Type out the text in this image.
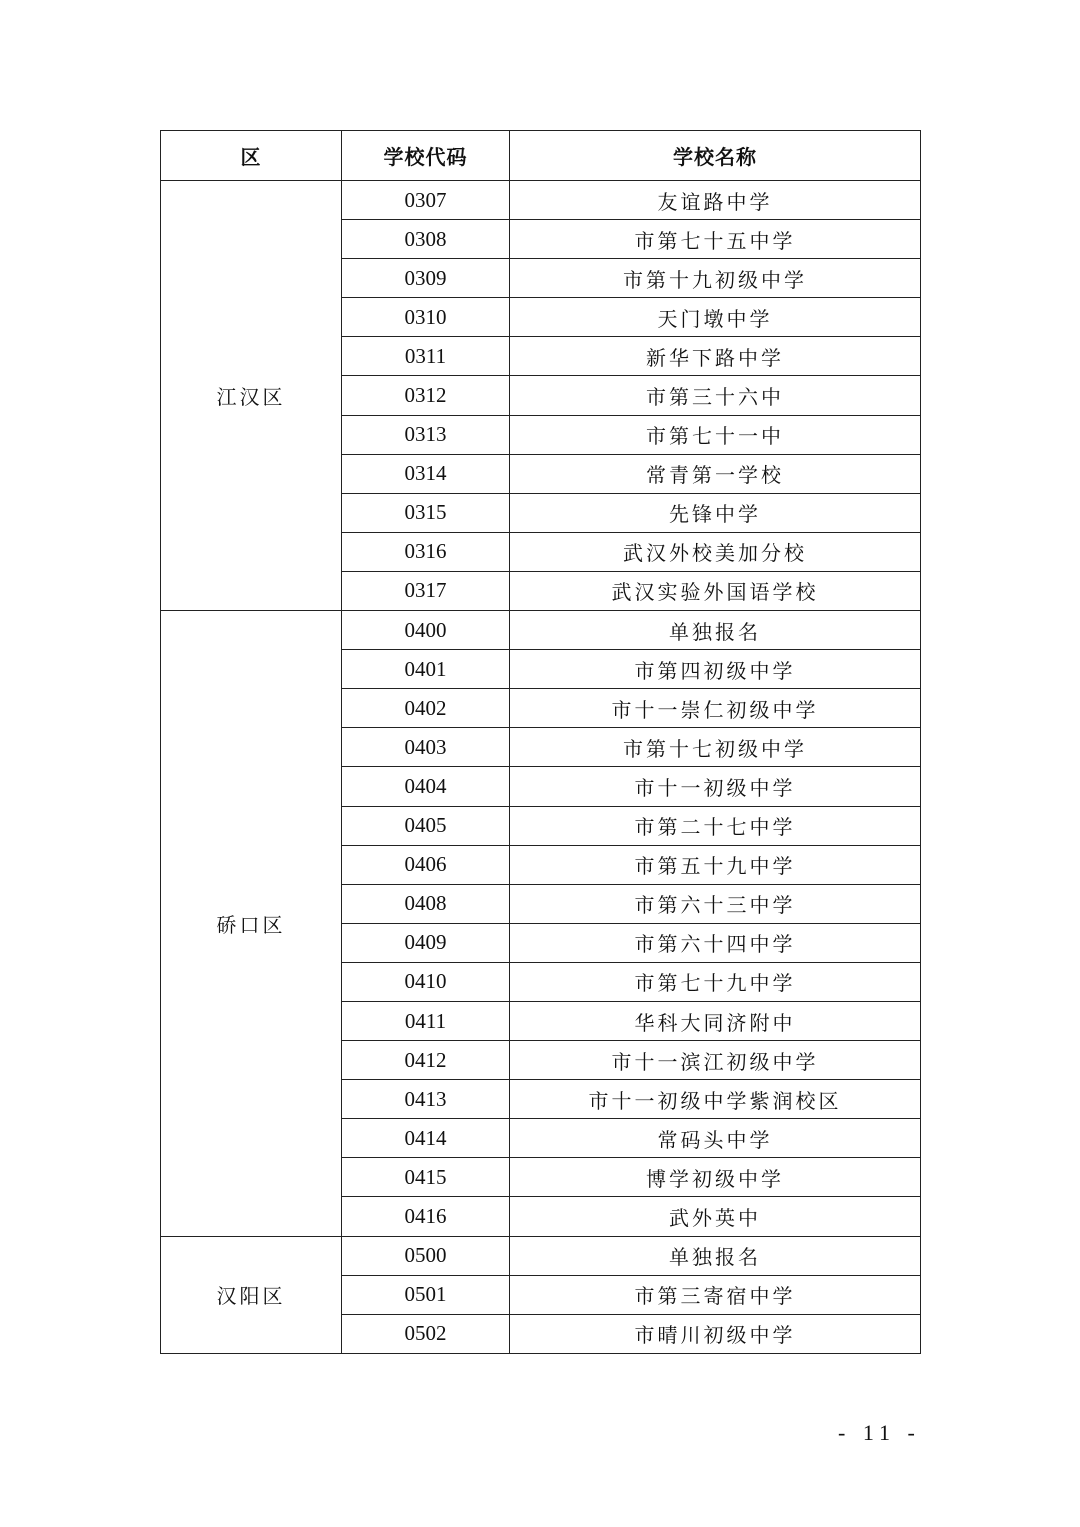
区	学校代码	学校名称
江汉区	0307	友谊路中学
	0308	市第七十五中学
	0309	市第十九初级中学
	0310	天门墩中学
	0311	新华下路中学
	0312	市第三十六中
	0313	市第七十一中
	0314	常青第一学校
	0315	先锋中学
	0316	武汉外校美加分校
	0317	武汉实验外国语学校
硚口区	0400	单独报名
	0401	市第四初级中学
	0402	市十一崇仁初级中学
	0403	市第十七初级中学
	0404	市十一初级中学
	0405	市第二十七中学
	0406	市第五十九中学
	0408	市第六十三中学
	0409	市第六十四中学
	0410	市第七十九中学
	0411	华科大同济附中
	0412	市十一滨江初级中学
	0413	市十一初级中学紫润校区
	0414	常码头中学
	0415	博学初级中学
	0416	武外英中
汉阳区	0500	单独报名
	0501	市第三寄宿中学
	0502	市晴川初级中学
- 11 -
